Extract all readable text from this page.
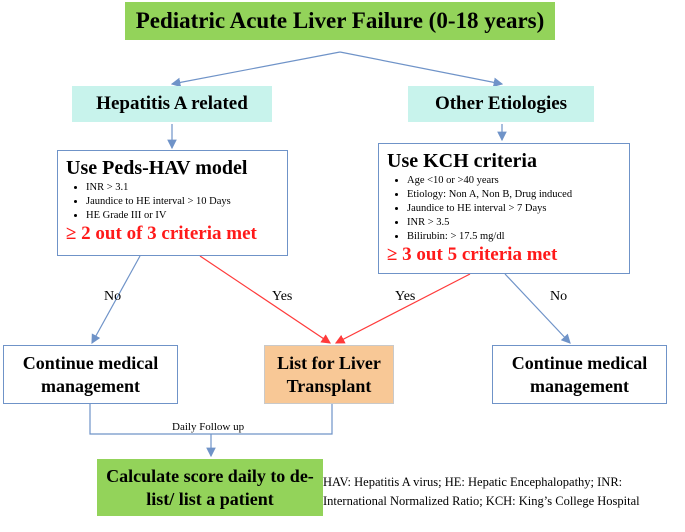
Pediatric Acute Liver Failure (0-18 years)
Hepatitis A related	Other Etiologies
Use Peds-HAV model
• INR > 3.1
• Jaundice to HE interval > 10 Days
• HE Grade III or IV
≥ 2 out of 3 criteria met
Use KCH criteria
• Age <10 or >40 years
• Etiology: Non A, Non B, Drug induced
• Jaundice to HE interval > 7 Days
• INR > 3.5
• Bilirubin: > 17.5 mg/dl
≥ 3 out 5 criteria met
No	Yes	Yes	No
Daily Follow up
Continue medical management
List for Liver Transplant
Continue medical management
Calculate score daily to de-list/ list a patient
HAV: Hepatitis A virus; HE: Hepatic Encephalopathy; INR: International Normalized Ratio; KCH: King’s College Hospital
